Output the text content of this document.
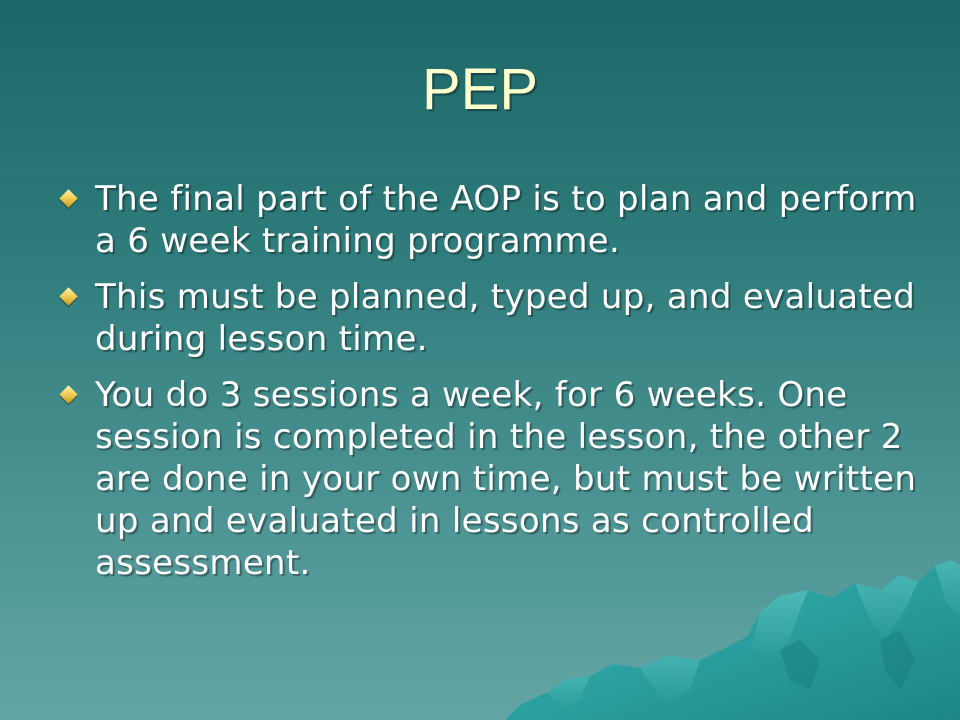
PEP
The final part of the AOP is to plan and perform a 6 week training programme.
This must be planned, typed up, and evaluated during lesson time.
You do 3 sessions a week, for 6 weeks. One session is completed in the lesson, the other 2 are done in your own time, but must be written up and evaluated in lessons as controlled assessment.
